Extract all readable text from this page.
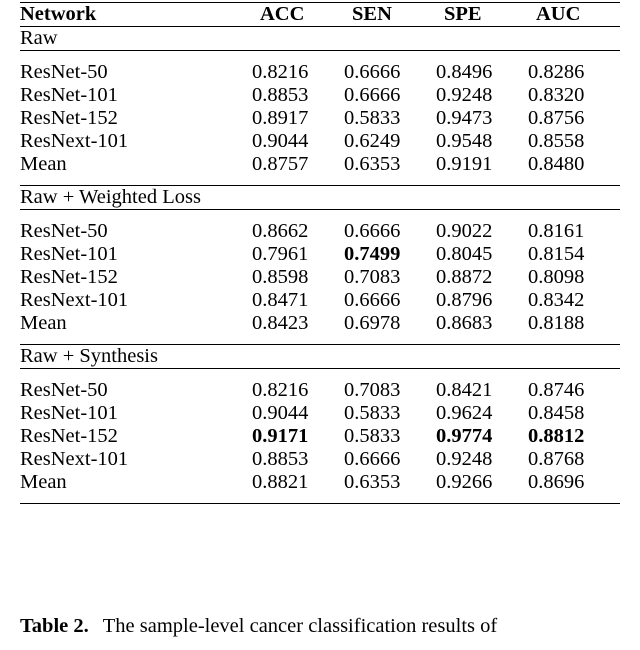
Network	ACC	SEN	SPE	AUC
Raw				
ResNet-50	0.8216	0.6666	0.8496	0.8286
ResNet-101	0.8853	0.6666	0.9248	0.8320
ResNet-152	0.8917	0.5833	0.9473	0.8756
ResNext-101	0.9044	0.6249	0.9548	0.8558
Mean	0.8757	0.6353	0.9191	0.8480
Raw + Weighted Loss				
ResNet-50	0.8662	0.6666	0.9022	0.8161
ResNet-101	0.7961	0.7499	0.8045	0.8154
ResNet-152	0.8598	0.7083	0.8872	0.8098
ResNext-101	0.8471	0.6666	0.8796	0.8342
Mean	0.8423	0.6978	0.8683	0.8188
Raw + Synthesis				
ResNet-50	0.8216	0.7083	0.8421	0.8746
ResNet-101	0.9044	0.5833	0.9624	0.8458
ResNet-152	0.9171	0.5833	0.9774	0.8812
ResNext-101	0.8853	0.6666	0.9248	0.8768
Mean	0.8821	0.6353	0.9266	0.8696
Table 2. The sample-level cancer classification results of
